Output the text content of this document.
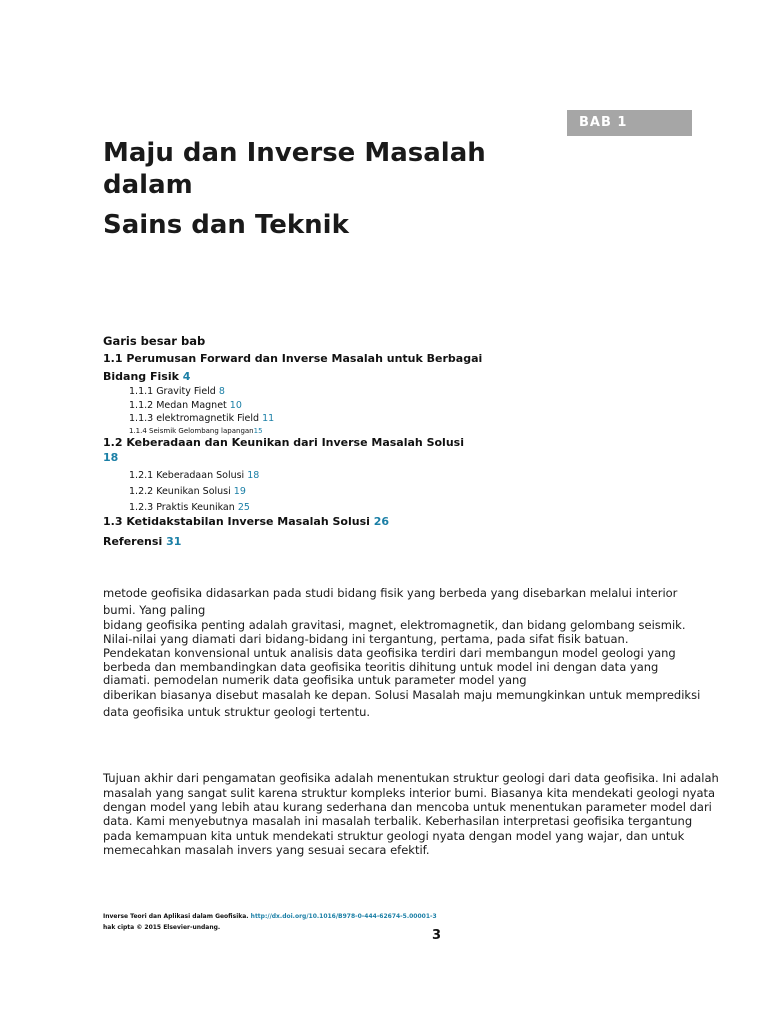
BAB 1
Maju dan Inverse Masalah
dalam
Sains dan Teknik
Garis besar bab
1.1 Perumusan Forward dan Inverse Masalah untuk Berbagai
Bidang Fisik 4
1.1.1 Gravity Field 8
1.1.2 Medan Magnet 10
1.1.3 elektromagnetik Field 11
1.1.4 Seismik Gelombang lapangan15
1.2 Keberadaan dan Keunikan dari Inverse Masalah Solusi
18
1.2.1 Keberadaan Solusi 18
1.2.2 Keunikan Solusi 19
1.2.3 Praktis Keunikan 25
1.3 Ketidakstabilan Inverse Masalah Solusi 26
Referensi 31
metode geofisika didasarkan pada studi bidang fisik yang berbeda yang disebarkan melalui interior
bumi. Yang paling
bidang geofisika penting adalah gravitasi, magnet, elektromagnetik, dan bidang gelombang seismik.
Nilai-nilai yang diamati dari bidang-bidang ini tergantung, pertama, pada sifat fisik batuan.
Pendekatan konvensional untuk analisis data geofisika terdiri dari membangun model geologi yang
berbeda dan membandingkan data geofisika teoritis dihitung untuk model ini dengan data yang
diamati. pemodelan numerik data geofisika untuk parameter model yang
diberikan biasanya disebut masalah ke depan. Solusi Masalah maju memungkinkan untuk memprediksi
data geofisika untuk struktur geologi tertentu.
Tujuan akhir dari pengamatan geofisika adalah menentukan struktur geologi dari data geofisika. Ini adalah
masalah yang sangat sulit karena struktur kompleks interior bumi. Biasanya kita mendekati geologi nyata
dengan model yang lebih atau kurang sederhana dan mencoba untuk menentukan parameter model dari
data. Kami menyebutnya masalah ini masalah terbalik. Keberhasilan interpretasi geofisika tergantung
pada kemampuan kita untuk mendekati struktur geologi nyata dengan model yang wajar, dan untuk
memecahkan masalah invers yang sesuai secara efektif.
Inverse Teori dan Aplikasi dalam Geofisika. http://dx.doi.org/10.1016/B978-0-444-62674-5.00001-3
hak cipta © 2015 Elsevier-undang.
3
